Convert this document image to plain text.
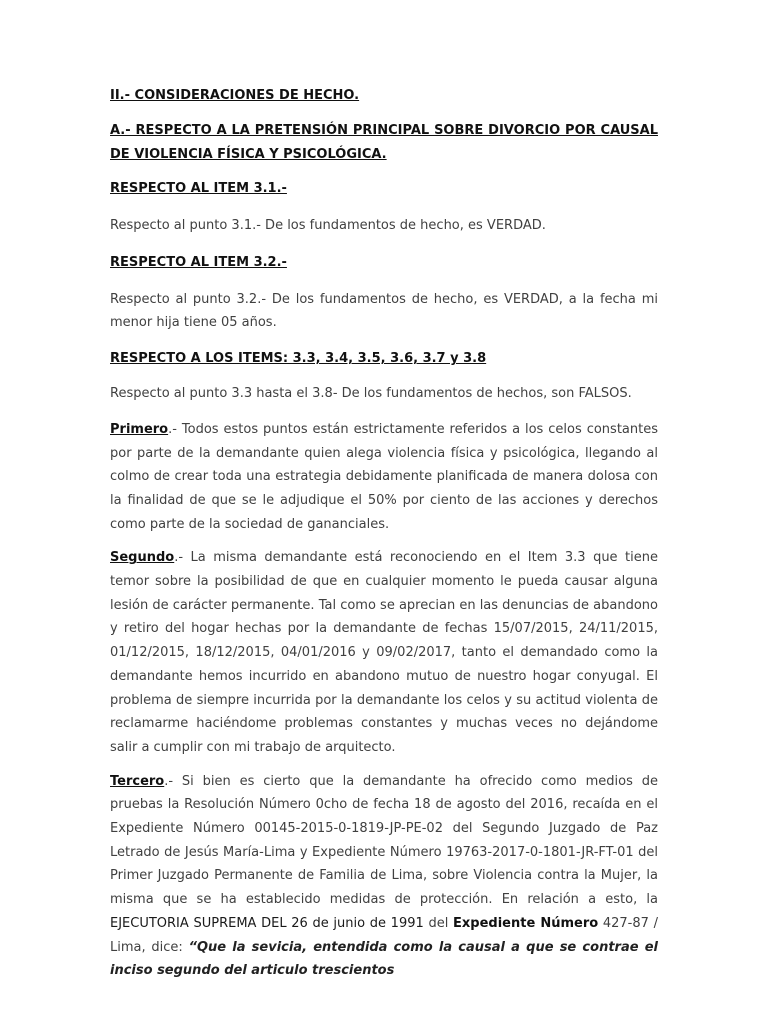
II.- CONSIDERACIONES DE HECHO.

A.- RESPECTO A LA PRETENSIÓN PRINCIPAL SOBRE DIVORCIO POR CAUSAL DE VIOLENCIA FÍSICA Y PSICOLÓGICA.

RESPECTO AL ITEM 3.1.-

Respecto al punto 3.1.- De los fundamentos de hecho, es VERDAD.

RESPECTO AL ITEM 3.2.-

Respecto al punto 3.2.- De los fundamentos de hecho, es VERDAD, a la fecha mi menor hija tiene 05 años.

RESPECTO A LOS ITEMS: 3.3, 3.4, 3.5, 3.6, 3.7 y 3.8

Respecto al punto 3.3 hasta el 3.8- De los fundamentos de hechos, son FALSOS.

Primero.- Todos estos puntos están estrictamente referidos a los celos constantes por parte de la demandante quien alega violencia física y psicológica, llegando al colmo de crear toda una estrategia debidamente planificada de manera dolosa con la finalidad de que se le adjudique el 50% por ciento de las acciones y derechos como parte de la sociedad de gananciales.

Segundo.- La misma demandante está reconociendo en el Item 3.3 que tiene temor sobre la posibilidad de que en cualquier momento le pueda causar alguna lesión de carácter permanente. Tal como se aprecian en las denuncias de abandono y retiro del hogar hechas por la demandante de fechas 15/07/2015, 24/11/2015, 01/12/2015, 18/12/2015, 04/01/2016 y 09/02/2017, tanto el demandado como la demandante hemos incurrido en abandono mutuo de nuestro hogar conyugal. El problema de siempre incurrida por la demandante los celos y su actitud violenta de reclamarme haciéndome problemas constantes y muchas veces no dejándome salir a cumplir con mi trabajo de arquitecto.

Tercero.- Si bien es cierto que la demandante ha ofrecido como medios de pruebas la Resolución Número 0cho de fecha 18 de agosto del 2016, recaída en el Expediente Número 00145-2015-0-1819-JP-PE-02 del Segundo Juzgado de Paz Letrado de Jesús María-Lima y Expediente Número 19763-2017-0-1801-JR-FT-01 del Primer Juzgado Permanente de Familia de Lima, sobre Violencia contra la Mujer, la misma que se ha establecido medidas de protección. En relación a esto, la EJECUTORIA SUPREMA DEL 26 de junio de 1991 del Expediente Número 427-87 / Lima, dice: “Que la sevicia, entendida como la causal a que se contrae el inciso segundo del articulo trescientos
